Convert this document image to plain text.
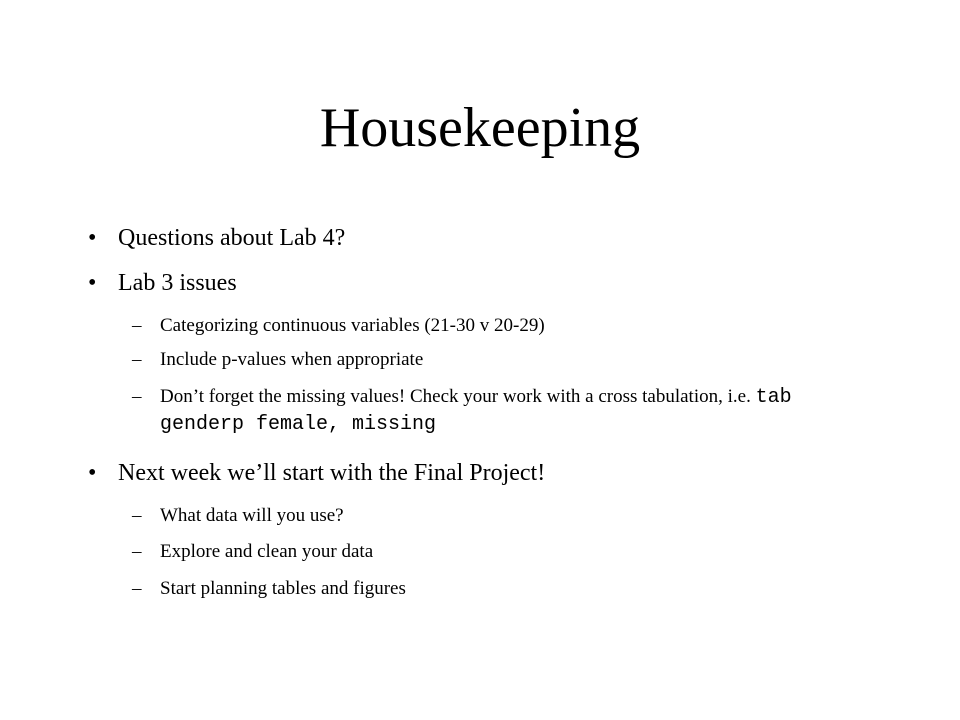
Housekeeping
• Questions about Lab 4?
• Lab 3 issues
– Categorizing continuous variables (21-30 v 20-29)
– Include p-values when appropriate
– Don’t forget the missing values! Check your work with a cross tabulation, i.e. tab genderp female, missing
• Next week we’ll start with the Final Project!
– What data will you use?
– Explore and clean your data
– Start planning tables and figures
